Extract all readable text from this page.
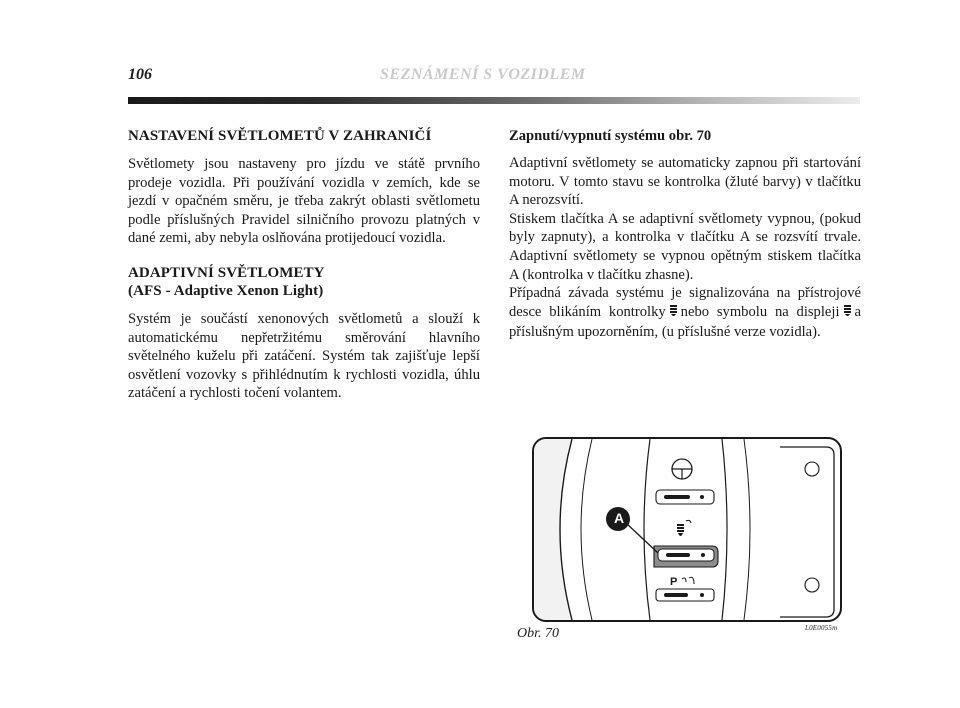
106	SEZNÁMENÍ S VOZIDLEM
NASTAVENÍ SVĚTLOMETŮ V ZAHRANIČÍ

Světlomety jsou nastaveny pro jízdu ve státě prvního prodeje vozidla. Při používání vozidla v zemích, kde se jezdí v opačném směru, je třeba zakrýt oblasti světlometu podle příslušných Pravidel silničního provozu platných v dané zemi, aby nebyla oslňována protijedoucí vozidla.

ADAPTIVNÍ SVĚTLOMETY
(AFS - Adaptive Xenon Light)

Systém je součástí xenonových světlometů a slouží k automatickému nepřetržitému směrování hlavního světelného kuželu při zatáčení. Systém tak zajišťuje lepší osvětlení vozovky s přihlédnutím k rychlosti vozidla, úhlu zatáčení a rychlosti točení volantem.

Zapnutí/vypnutí systému obr. 70

Adaptivní světlomety se automaticky zapnou při startování motoru. V tomto stavu se kontrolka (žluté barvy) v tlačítku A nerozsvítí.

Stiskem tlačítka A se adaptivní světlomety vypnou, (pokud byly zapnuty), a kontrolka v tlačítku A se rozsvítí trvale. Adaptivní světlomety se vypnou opětným stiskem tlačítka A (kontrolka v tlačítku zhasne).

Případná závada systému je signalizována na přístrojové desce blikáním kontrolky nebo symbolu na displeji a příslušným upozorněním, (u příslušné verze vozidla).

P
A
Obr. 70	L0E0055m
